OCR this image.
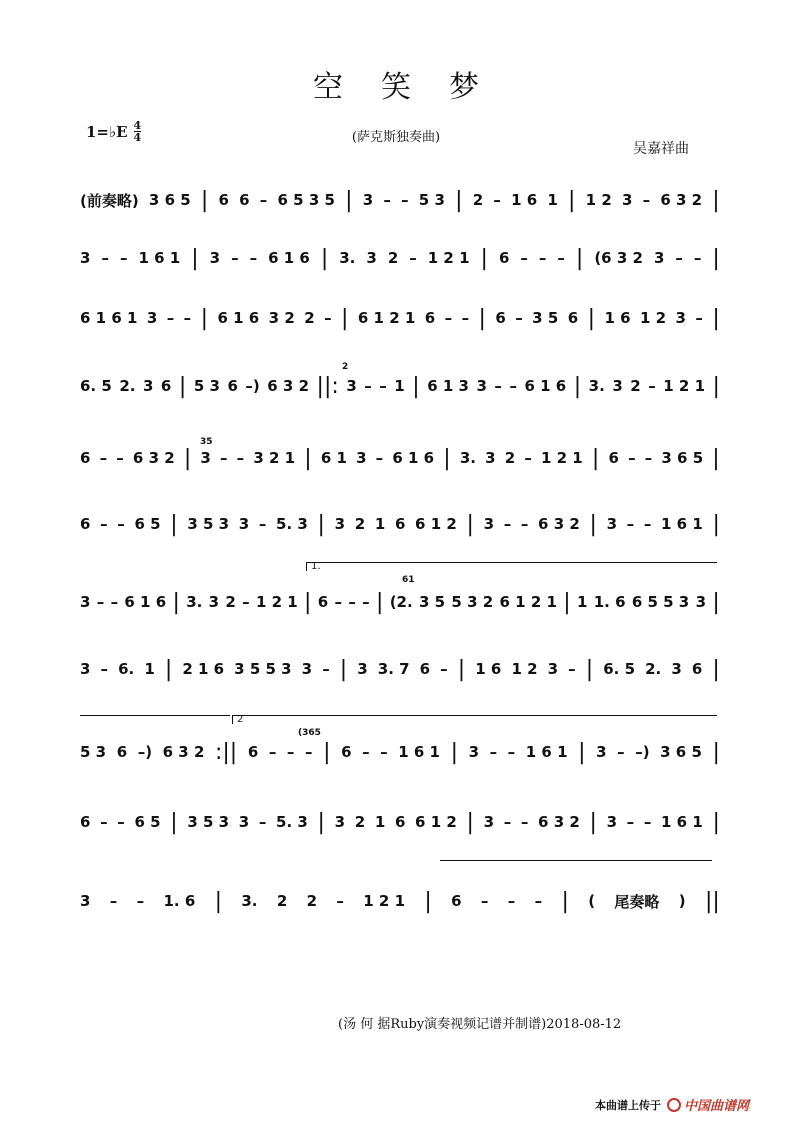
空笑梦
1=♭E 4
4	(萨克斯独奏曲)
吴嘉祥曲
(前奏略) 3 6 5 | 6 6 – 6 5 3 5 | 3 – – 5 3 | 2 – 1 6 1 | 1 2 3 – 6 3 2 |
3 – – 1 6 1 | 3 – – 6 1 6 | 3. 3 2 – 1 2 1 | 6 – – – | (6 3 2 3 – – |
6 1 6 1 3 – – | 6 1 6 3 2 2 – | 6 1 2 1 6 – – | 6 – 3 5 6 | 1 6 1 2 3 – |
6. 5 2. 3 6 | 5 3 6 –) 6 3 2 ||: 3 – – 1 | 6 1 3 3 – – 6 1 6 | 3. 3 2 – 1 2 1 |
6 – – 6 3 2 | 3 – – 3 2 1 | 6 1 3 – 6 1 6 | 3. 3 2 – 1 2 1 | 6 – – 3 6 5 |
6 – – 6 5 | 3 5 3 3 – 5. 3 | 3 2 1 6 6 1 2 | 3 – – 6 3 2 | 3 – – 1 6 1 |
3 – – 6 1 6 | 3. 3 2 – 1 2 1 | 6 – – – | (2. 3 5 5 3 2 6 1 2 1 | 1 1. 6 6 5 5 3 3 |
3 – 6. 1 | 2 1 6 3 5 5 3 3 – | 3 3. 7 6 – | 1 6 1 2 3 – | 6. 5 2. 3 6 |
5 3 6 –) 6 3 2 :|| 6 – – – | 6 – – 1 6 1 | 3 – – 1 6 1 | 3 – –) 3 6 5 |
6 – – 6 5 | 3 5 3 3 – 5. 3 | 3 2 1 6 6 1 2 | 3 – – 6 3 2 | 3 – – 1 6 1 |
3 – – 1. 6 | 3. 2 2 – 1 2 1 | 6 – – – | ( 尾奏略 ) ||
(汤 何 据Ruby演奏视频记谱并制谱)2018-08-12
本曲谱上传于 中国曲谱网
1.
2
35
61
(365
2
